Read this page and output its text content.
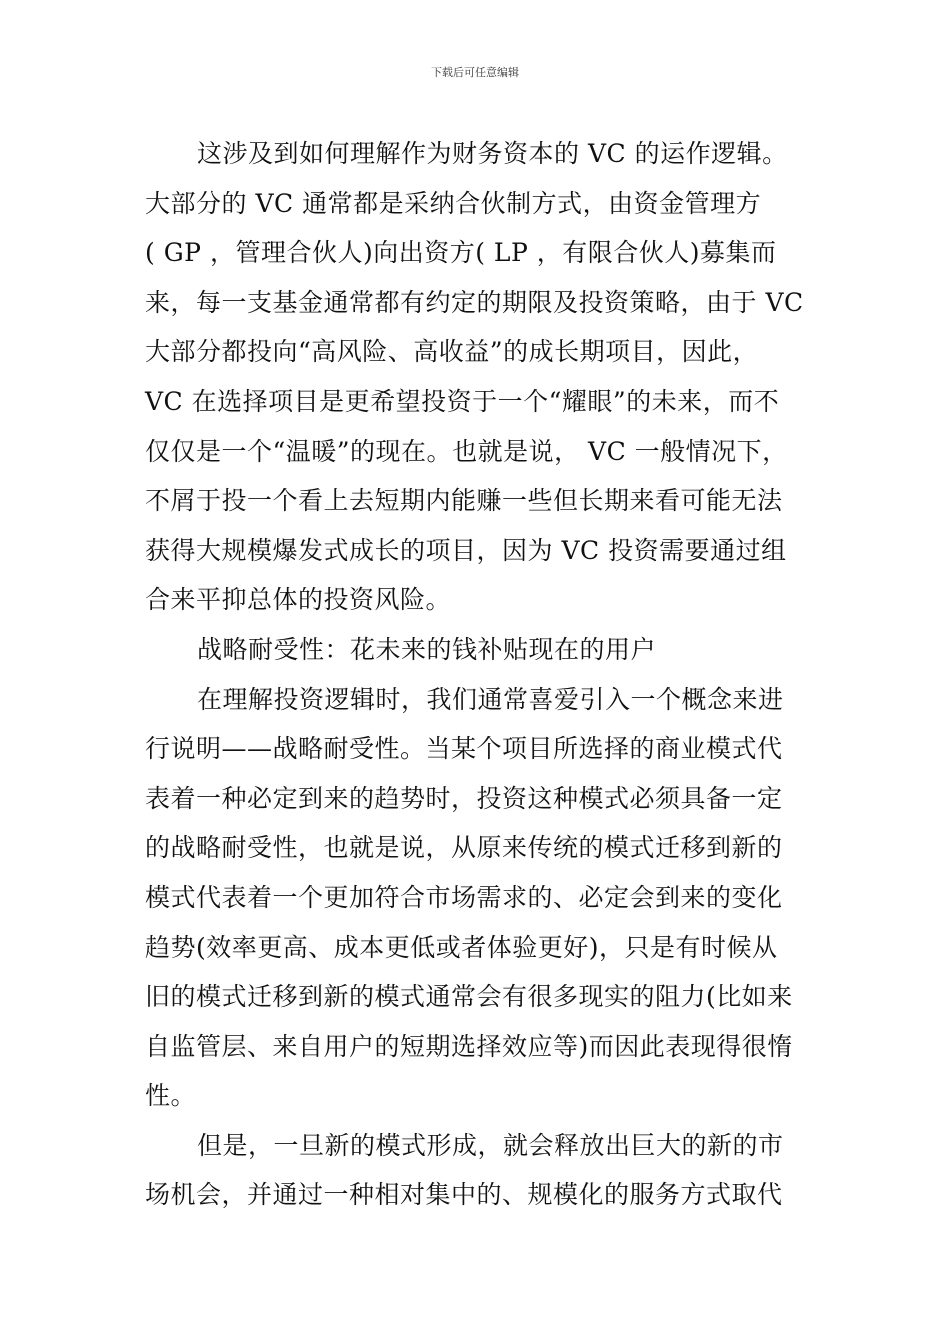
下载后可任意编辑
这涉及到如何理解作为财务资本的 VC 的运作逻辑。
大部分的 VC 通常都是采纳合伙制方式，由资金管理方
( GP ，管理合伙人)向出资方( LP ，有限合伙人)募集而
来，每一支基金通常都有约定的期限及投资策略，由于 VC
大部分都投向“高风险、高收益”的成长期项目，因此，
VC 在选择项目是更希望投资于一个“耀眼”的未来，而不
仅仅是一个“温暖”的现在。也就是说， VC 一般情况下，
不屑于投一个看上去短期内能赚一些但长期来看可能无法
获得大规模爆发式成长的项目，因为 VC 投资需要通过组
合来平抑总体的投资风险。
战略耐受性：花未来的钱补贴现在的用户
在理解投资逻辑时，我们通常喜爱引入一个概念来进
行说明——战略耐受性。当某个项目所选择的商业模式代
表着一种必定到来的趋势时，投资这种模式必须具备一定
的战略耐受性，也就是说，从原来传统的模式迁移到新的
模式代表着一个更加符合市场需求的、必定会到来的变化
趋势(效率更高、成本更低或者体验更好)，只是有时候从
旧的模式迁移到新的模式通常会有很多现实的阻力(比如来
自监管层、来自用户的短期选择效应等)而因此表现得很惰
性。
但是，一旦新的模式形成，就会释放出巨大的新的市
场机会，并通过一种相对集中的、规模化的服务方式取代
